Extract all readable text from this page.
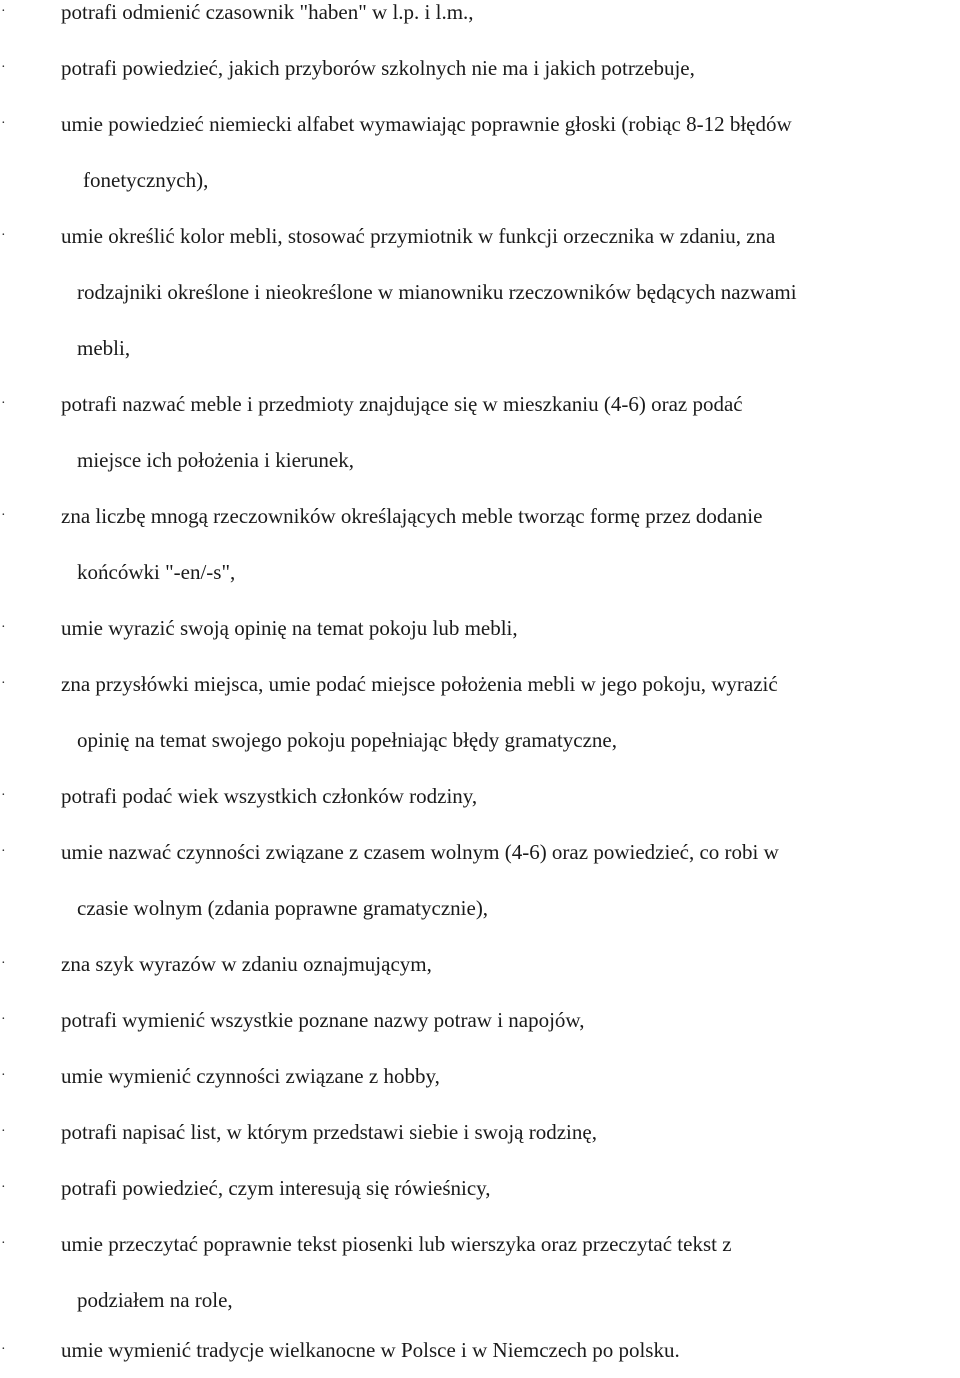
·	potrafi odmienić czasownik "haben" w l.p. i l.m.,
·	potrafi powiedzieć, jakich przyborów szkolnych nie ma i jakich potrzebuje,
·	umie powiedzieć niemiecki alfabet wymawiając poprawnie głoski (robiąc 8-12 błędów
fonetycznych),
·	umie określić kolor mebli, stosować przymiotnik w funkcji orzecznika w zdaniu, zna
rodzajniki określone i nieokreślone w mianowniku rzeczowników będących nazwami
mebli,
·	potrafi nazwać meble i przedmioty znajdujące się w mieszkaniu (4-6) oraz podać
miejsce ich położenia i kierunek,
·	zna liczbę mnogą rzeczowników określających meble tworząc formę przez dodanie
końcówki "-en/-s",
·	umie wyrazić swoją opinię na temat pokoju lub mebli,
·	zna przysłówki miejsca, umie podać miejsce położenia mebli w jego pokoju, wyrazić
opinię na temat swojego pokoju popełniając błędy gramatyczne,
·	potrafi podać wiek wszystkich członków rodziny,
·	umie nazwać czynności związane z czasem wolnym (4-6) oraz powiedzieć, co robi w
czasie wolnym (zdania poprawne gramatycznie),
·	zna szyk wyrazów w zdaniu oznajmującym,
·	potrafi wymienić wszystkie poznane nazwy potraw i napojów,
·	umie wymienić czynności związane z hobby,
·	potrafi napisać list, w którym przedstawi siebie i swoją rodzinę,
·	potrafi powiedzieć, czym interesują się rówieśnicy,
·	umie przeczytać poprawnie tekst piosenki lub wierszyka oraz przeczytać tekst z
podziałem na role,
·	umie wymienić tradycje wielkanocne w Polsce i w Niemczech po polsku.
